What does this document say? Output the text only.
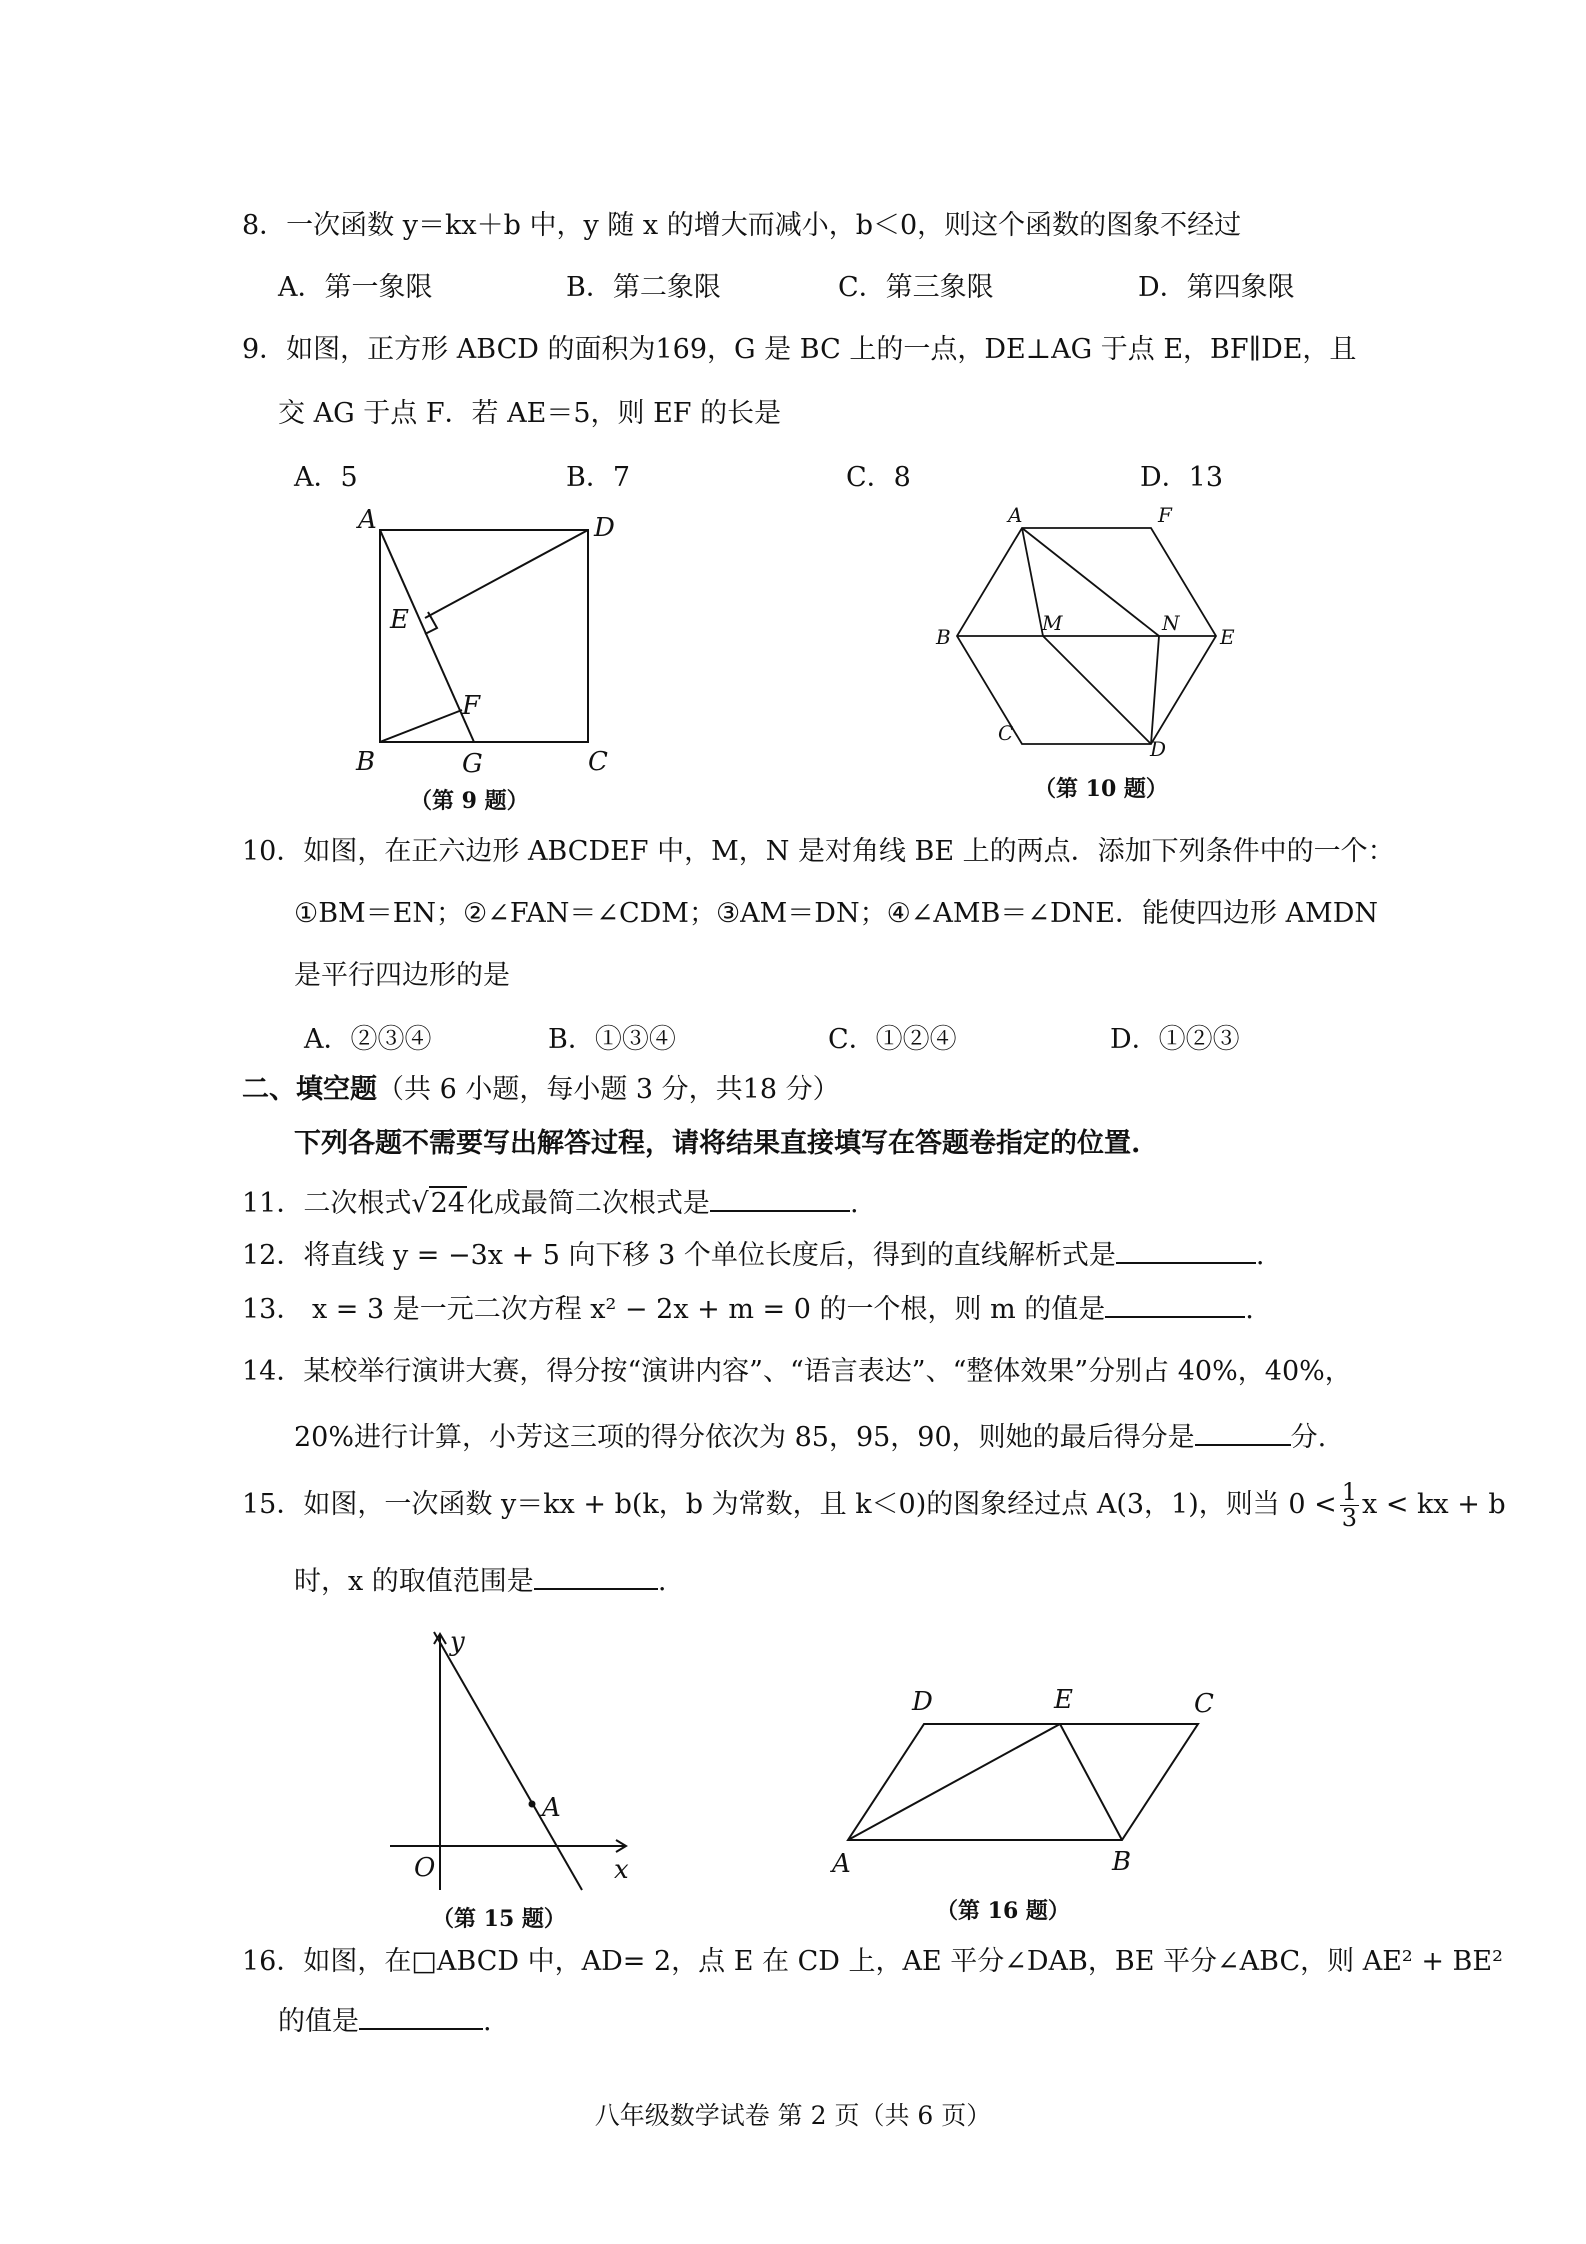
8．一次函数 y＝kx＋b 中，y 随 x 的增大而减小，b＜0，则这个函数的图象不经过
A．第一象限	B．第二象限	C．第三象限	D．第四象限
9．如图，正方形 ABCD 的面积为169，G 是 BC 上的一点，DE⊥AG 于点 E，BF∥DE，且
交 AG 于点 F．若 AE＝5，则 EF 的长是
A．5	B．7	C．8	D．13
A	D
E
F
B	G	C
（第 9 题）
A	F
B
M	N
E
C
D
（第 10 题）
10．如图，在正六边形 ABCDEF 中，M，N 是对角线 BE 上的两点．添加下列条件中的一个：
①BM＝EN；②∠FAN＝∠CDM；③AM＝DN；④∠AMB＝∠DNE．能使四边形 AMDN
是平行四边形的是
A．②③④	B．①③④	C．①②④	D．①②③
二、填空题（共 6 小题，每小题 3 分，共18 分）
下列各题不需要写出解答过程，请将结果直接填写在答题卷指定的位置.
11．二次根式√24化成最简二次根式是	.
12．将直线 y = −3x + 5 向下移 3 个单位长度后，得到的直线解析式是	.
13． x = 3 是一元二次方程 x² − 2x + m = 0 的一个根，则 m 的值是	.
14．某校举行演讲大赛，得分按“演讲内容”、“语言表达”、“整体效果”分别占 40%，40%，
20%进行计算，小芳这三项的得分依次为 85，95，90，则她的最后得分是	分.
15．如图，一次函数 y＝kx + b(k，b 为常数，且 k＜0)的图象经过点 A(3，1)，则当 $0 < \frac{1}{3}$ x < kx + b
时，x 的取值范围是	.
y
A
O	x
（第 15 题）
D	E	C
A	B
（第 16 题）
16．如图，在□ABCD 中，AD= 2，点 E 在 CD 上，AE 平分∠DAB，BE 平分∠ABC，则 AE² + BE²
的值是	.
八年级数学试卷 第 2 页（共 6 页）
